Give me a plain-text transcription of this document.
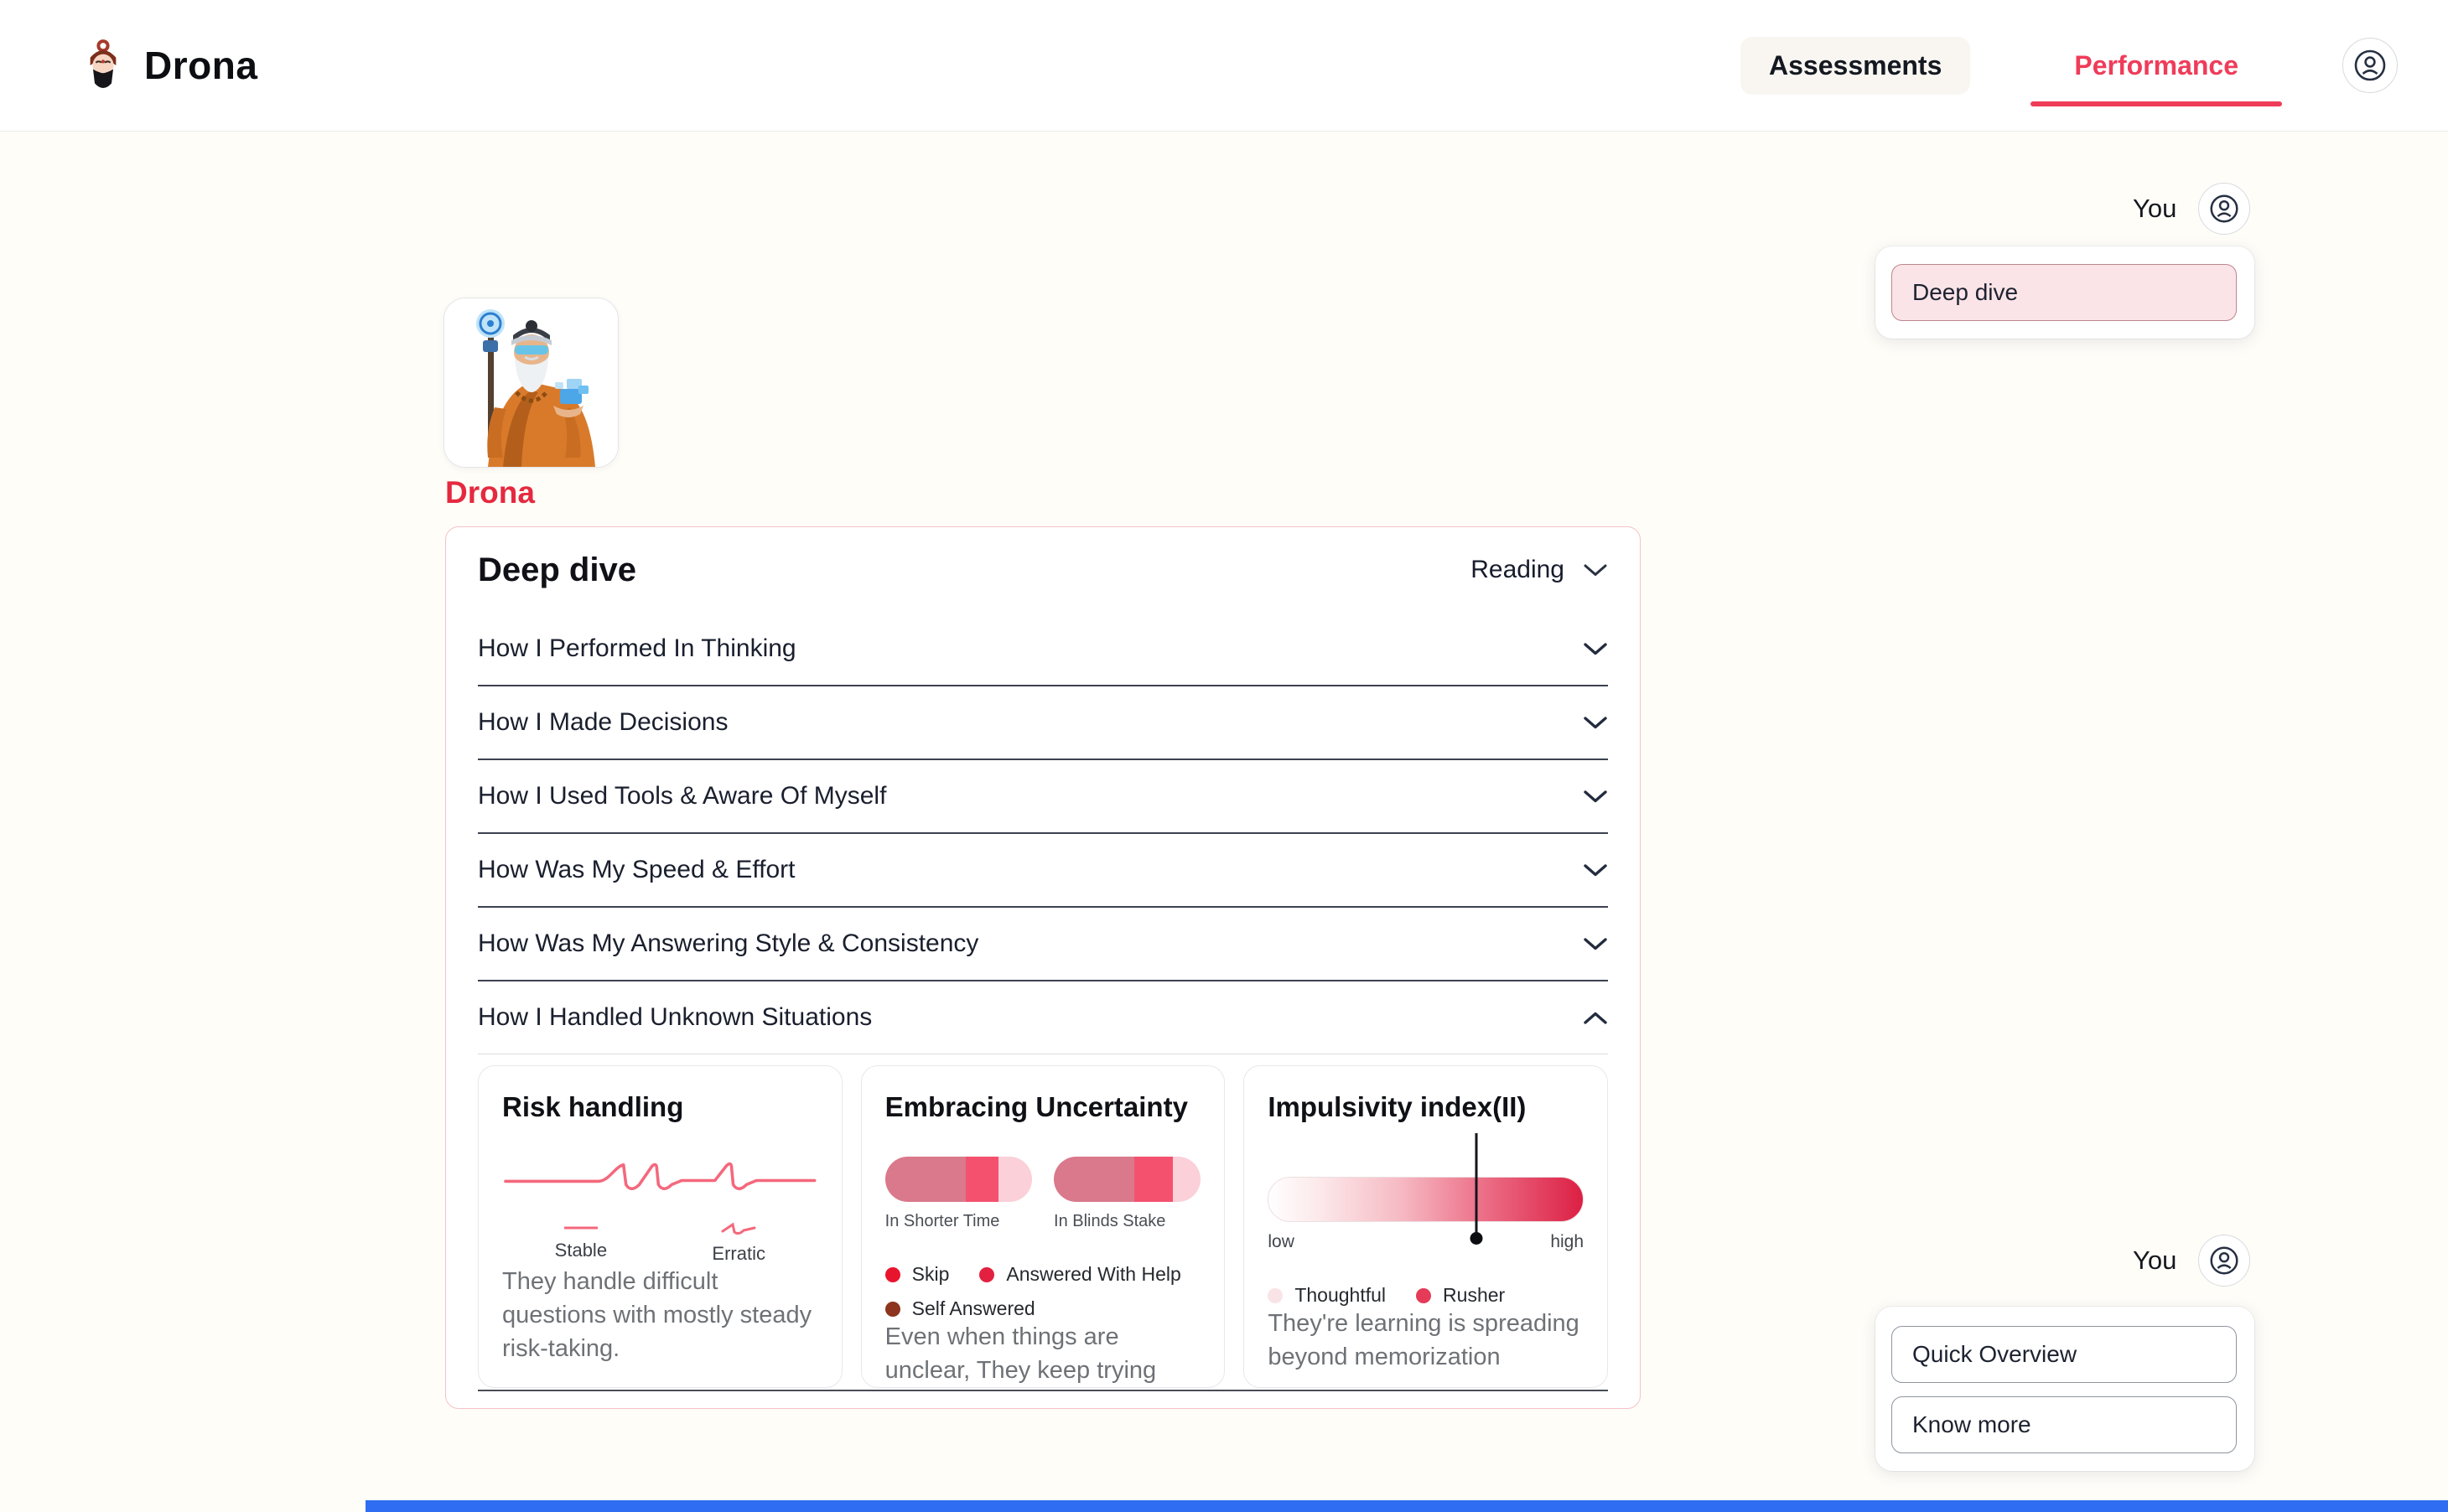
Drona	Assessments	Performance
You
Deep dive
Drona
Deep dive	Reading
How I Performed In Thinking
How I Made Decisions
How I Used Tools & Aware Of Myself
How Was My Speed & Effort
How Was My Answering Style & Consistency
How I Handled Unknown Situations
Risk handling
Stable	Erratic
They handle difficult questions with mostly steady risk-taking.
Embracing Uncertainty
In Shorter Time	In Blinds Stake
Skip	Answered With Help
Self Answered
Even when things are unclear, They keep trying
Impulsivity index(II)
low	high
Thoughtful	Rusher
They're learning is spreading beyond memorization
You
Quick Overview
Know more
